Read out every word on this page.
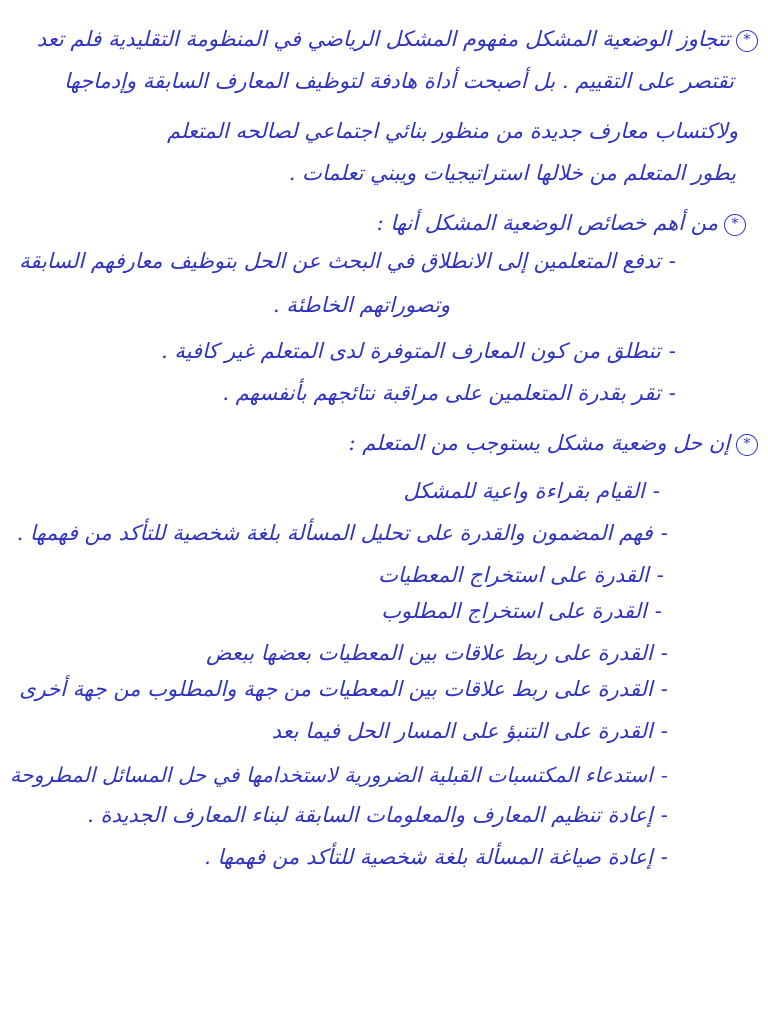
*تتجاوز الوضعية المشكل مفهوم المشكل الرياضي في المنظومة التقليدية فلم تعد
تقتصر على التقييم . بل أصبحت أداة هادفة لتوظيف المعارف السابقة وإدماجها
ولاكتساب معارف جديدة من منظور بنائي اجتماعي لصالحه المتعلم
يطور المتعلم من خلالها استراتيجيات ويبني تعلمات .
*من أهم خصائص الوضعية المشكل أنها :
-تدفع المتعلمين إلى الانطلاق في البحث عن الحل بتوظيف معارفهم السابقة
وتصوراتهم الخاطئة .
-تنطلق من كون المعارف المتوفرة لدى المتعلم غير كافية .
-تقر بقدرة المتعلمين على مراقبة نتائجهم بأنفسهم .
*إن حل وضعية مشكل يستوجب من المتعلم :
-القيام بقراءة واعية للمشكل
-فهم المضمون والقدرة على تحليل المسألة بلغة شخصية للتأكد من فهمها .
-القدرة على استخراج المعطيات
-القدرة على استخراج المطلوب
-القدرة على ربط علاقات بين المعطيات بعضها ببعض
-القدرة على ربط علاقات بين المعطيات من جهة والمطلوب من جهة أخرى
-القدرة على التنبؤ على المسار الحل فيما بعد
-استدعاء المكتسبات القبلية الضرورية لاستخدامها في حل المسائل المطروحة
-إعادة تنظيم المعارف والمعلومات السابقة لبناء المعارف الجديدة .
-إعادة صياغة المسألة بلغة شخصية للتأكد من فهمها .
